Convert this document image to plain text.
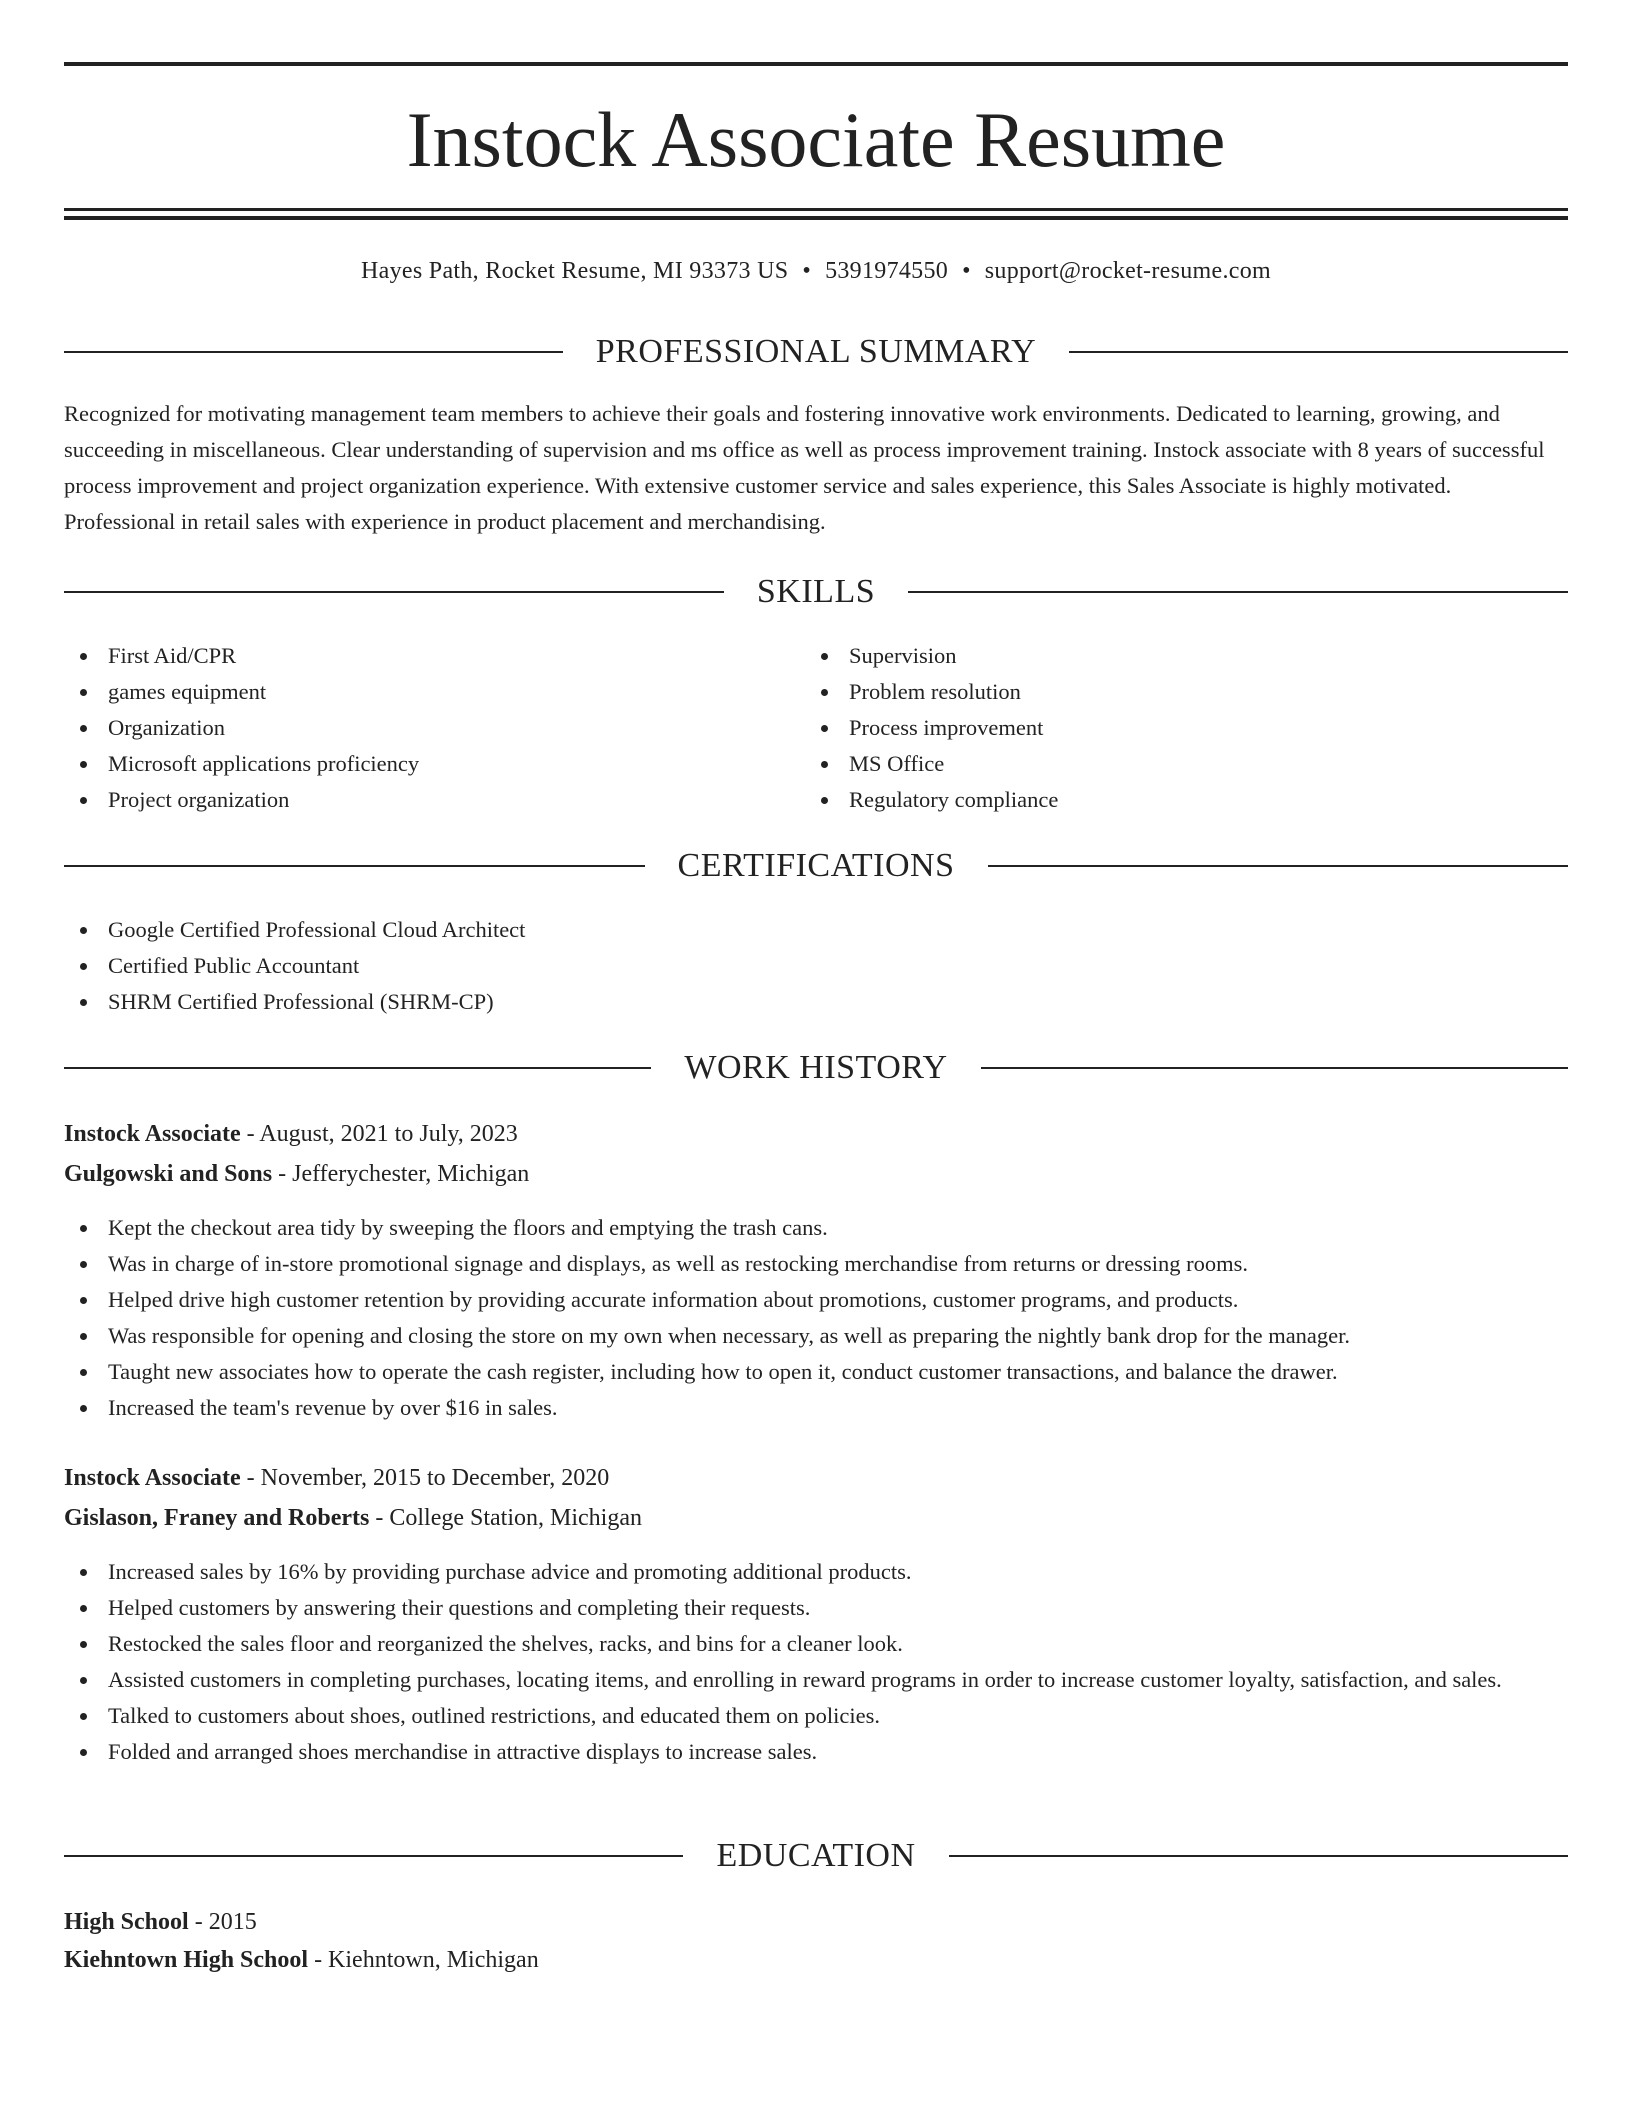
Instock Associate Resume
Hayes Path, Rocket Resume, MI 93373 US • 5391974550 • support@rocket-resume.com
PROFESSIONAL SUMMARY
Recognized for motivating management team members to achieve their goals and fostering innovative work environments. Dedicated to learning, growing, and succeeding in miscellaneous. Clear understanding of supervision and ms office as well as process improvement training. Instock associate with 8 years of successful process improvement and project organization experience. With extensive customer service and sales experience, this Sales Associate is highly motivated. Professional in retail sales with experience in product placement and merchandising.
SKILLS
First Aid/CPR
games equipment
Organization
Microsoft applications proficiency
Project organization
Supervision
Problem resolution
Process improvement
MS Office
Regulatory compliance
CERTIFICATIONS
Google Certified Professional Cloud Architect
Certified Public Accountant
SHRM Certified Professional (SHRM-CP)
WORK HISTORY
Instock Associate - August, 2021 to July, 2023
Gulgowski and Sons - Jefferychester, Michigan
Kept the checkout area tidy by sweeping the floors and emptying the trash cans.
Was in charge of in-store promotional signage and displays, as well as restocking merchandise from returns or dressing rooms.
Helped drive high customer retention by providing accurate information about promotions, customer programs, and products.
Was responsible for opening and closing the store on my own when necessary, as well as preparing the nightly bank drop for the manager.
Taught new associates how to operate the cash register, including how to open it, conduct customer transactions, and balance the drawer.
Increased the team's revenue by over $16 in sales.
Instock Associate - November, 2015 to December, 2020
Gislason, Franey and Roberts - College Station, Michigan
Increased sales by 16% by providing purchase advice and promoting additional products.
Helped customers by answering their questions and completing their requests.
Restocked the sales floor and reorganized the shelves, racks, and bins for a cleaner look.
Assisted customers in completing purchases, locating items, and enrolling in reward programs in order to increase customer loyalty, satisfaction, and sales.
Talked to customers about shoes, outlined restrictions, and educated them on policies.
Folded and arranged shoes merchandise in attractive displays to increase sales.
EDUCATION
High School - 2015
Kiehntown High School - Kiehntown, Michigan
